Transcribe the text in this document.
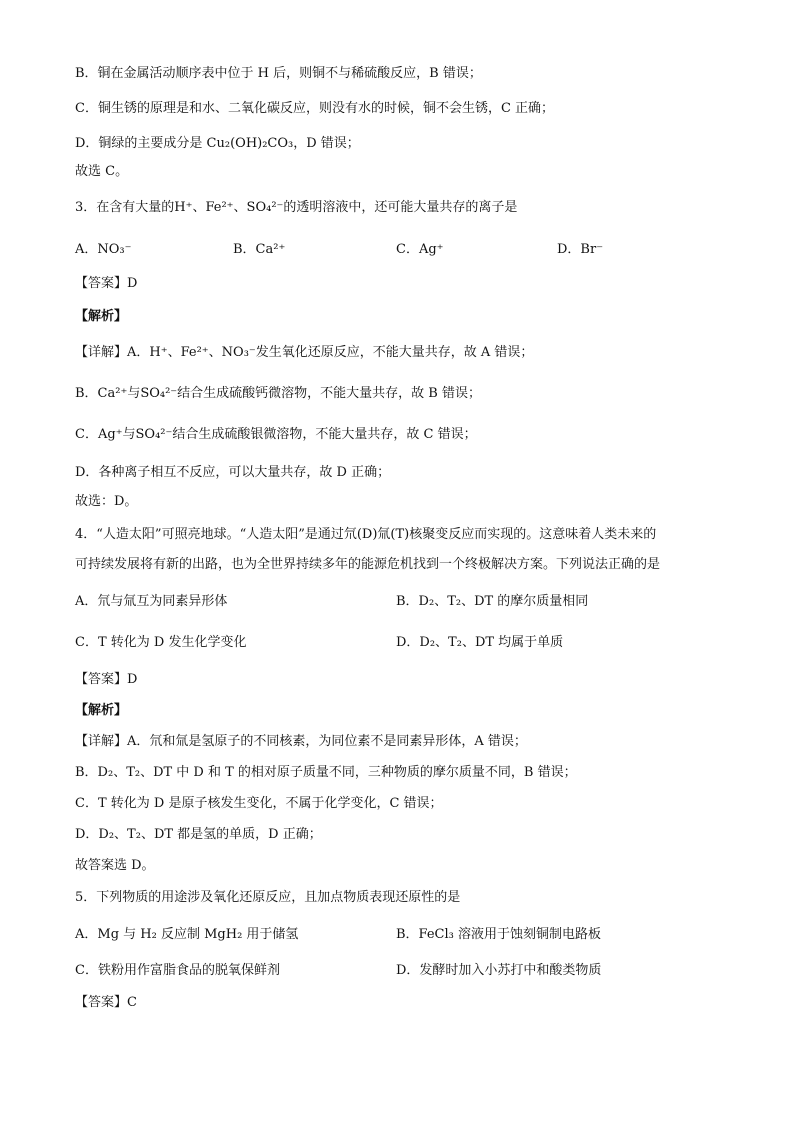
B．铜在金属活动顺序表中位于 H 后，则铜不与稀硫酸反应，B 错误；
C．铜生锈的原理是和水、二氧化碳反应，则没有水的时候，铜不会生锈，C 正确；
D．铜绿的主要成分是 Cu₂(OH)₂CO₃，D 错误；
故选 C。
3．在含有大量的H⁺、Fe²⁺、SO₄²⁻的透明溶液中，还可能大量共存的离子是
A．NO₃⁻	B．Ca²⁺	C．Ag⁺	D．Br⁻
【答案】D
【解析】
【详解】A．H⁺、Fe²⁺、NO₃⁻发生氧化还原反应，不能大量共存，故 A 错误；
B．Ca²⁺与SO₄²⁻结合生成硫酸钙微溶物，不能大量共存，故 B 错误；
C．Ag⁺与SO₄²⁻结合生成硫酸银微溶物，不能大量共存，故 C 错误；
D．各种离子相互不反应，可以大量共存，故 D 正确；
故选：D。
4．“人造太阳”可照亮地球。“人造太阳”是通过氘(D)氚(T)核聚变反应而实现的。这意味着人类未来的
可持续发展将有新的出路，也为全世界持续多年的能源危机找到一个终极解决方案。下列说法正确的是
A．氘与氚互为同素异形体	B．D₂、T₂、DT 的摩尔质量相同
C．T 转化为 D 发生化学变化	D．D₂、T₂、DT 均属于单质
【答案】D
【解析】
【详解】A．氘和氚是氢原子的不同核素，为同位素不是同素异形体，A 错误；
B．D₂、T₂、DT 中 D 和 T 的相对原子质量不同，三种物质的摩尔质量不同，B 错误；
C．T 转化为 D 是原子核发生变化，不属于化学变化，C 错误；
D．D₂、T₂、DT 都是氢的单质，D 正确；
故答案选 D。
5．下列物质的用途涉及氧化还原反应，且加点物质表现还原性的是
A．Mg 与 H₂ 反应制 MgH₂ 用于储氢	B．FeCl₃ 溶液用于蚀刻铜制电路板
C．铁粉用作富脂食品的脱氧保鲜剂	D．发酵时加入小苏打中和酸类物质
【答案】C
